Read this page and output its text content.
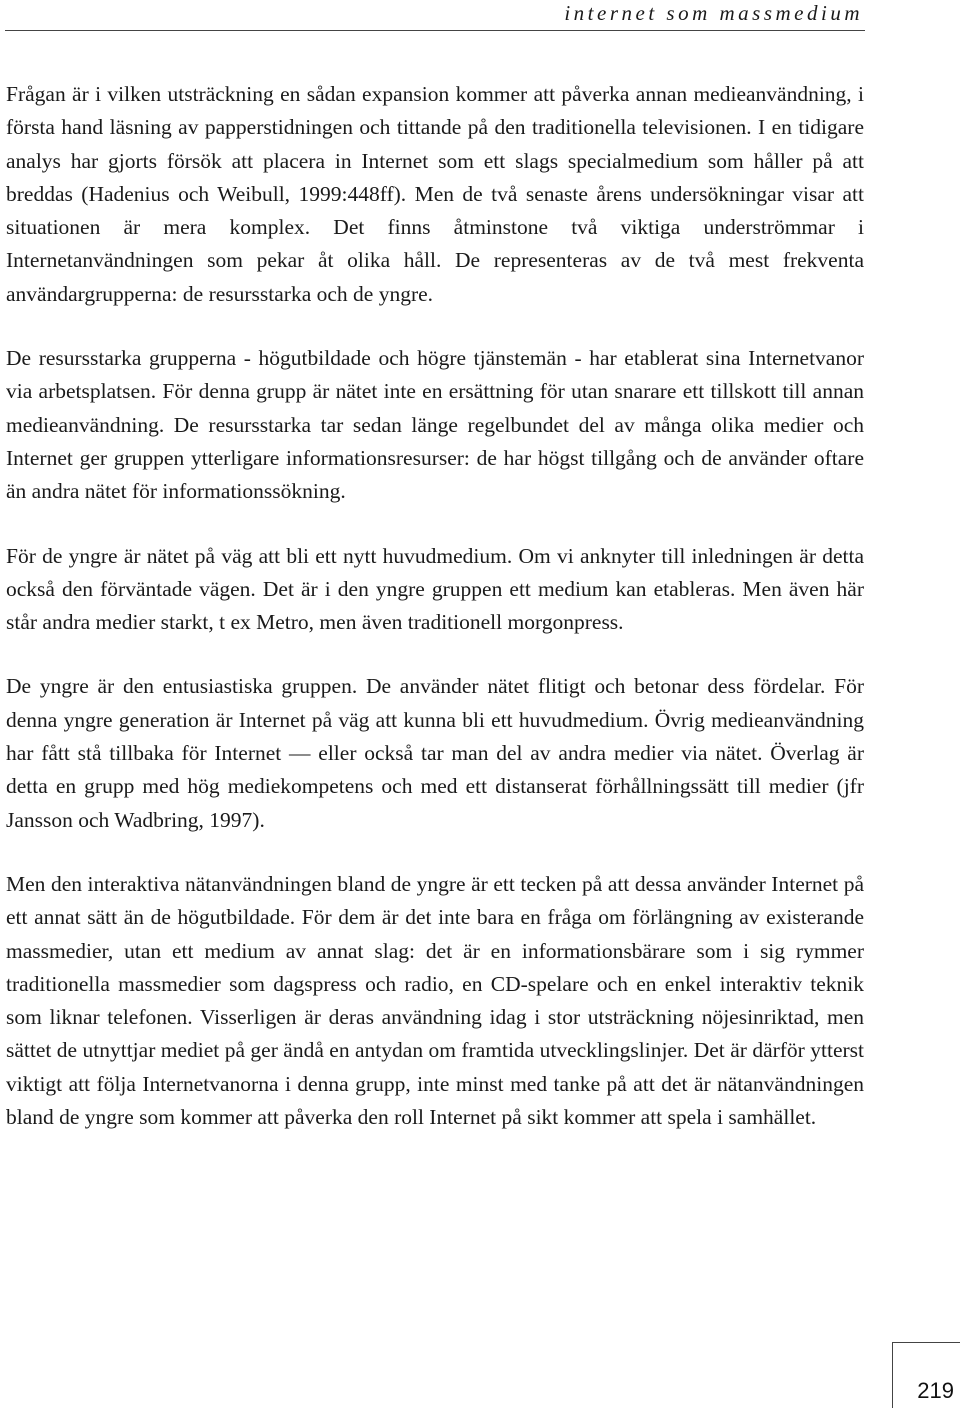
internet som massmedium

Frågan är i vilken utsträckning en sådan expansion kommer att påverka annan medieanvändning, i första hand läsning av papperstidningen och tittande på den traditionella televisionen. I en tidigare analys har gjorts försök att placera in Internet som ett slags specialmedium som håller på att breddas (Hadenius och Weibull, 1999:448ff). Men de två senaste årens undersökningar visar att situationen är mera komplex. Det finns åtminstone två viktiga underströmmar i Internetanvändningen som pekar åt olika håll. De representeras av de två mest frekventa användargrupperna: de resursstarka och de yngre.

De resursstarka grupperna - högutbildade och högre tjänstemän - har etablerat sina Internetvanor via arbetsplatsen. För denna grupp är nätet inte en ersättning för utan snarare ett tillskott till annan medieanvändning. De resursstarka tar sedan länge regelbundet del av många olika medier och Internet ger gruppen ytterligare informationsresurser: de har högst tillgång och de använder oftare än andra nätet för informationssökning.

För de yngre är nätet på väg att bli ett nytt huvudmedium. Om vi anknyter till inledningen är detta också den förväntade vägen. Det är i den yngre gruppen ett medium kan etableras. Men även här står andra medier starkt, t ex Metro, men även traditionell morgonpress.

De yngre är den entusiastiska gruppen. De använder nätet flitigt och betonar dess fördelar. För denna yngre generation är Internet på väg att kunna bli ett huvudmedium. Övrig medieanvändning har fått stå tillbaka för Internet — eller också tar man del av andra medier via nätet. Överlag är detta en grupp med hög mediekompetens och med ett distanserat förhållningssätt till medier (jfr Jansson och Wadbring, 1997).

Men den interaktiva nätanvändningen bland de yngre är ett tecken på att dessa använder Internet på ett annat sätt än de högutbildade. För dem är det inte bara en fråga om förlängning av existerande massmedier, utan ett medium av annat slag: det är en informationsbärare som i sig rymmer traditionella massmedier som dagspress och radio, en CD-spelare och en enkel interaktiv teknik som liknar telefonen. Visserligen är deras användning idag i stor utsträckning nöjesinriktad, men sättet de utnyttjar mediet på ger ändå en antydan om framtida utvecklingslinjer. Det är därför ytterst viktigt att följa Internetvanorna i denna grupp, inte minst med tanke på att det är nätanvändningen bland de yngre som kommer att påverka den roll Internet på sikt kommer att spela i samhället.

219
